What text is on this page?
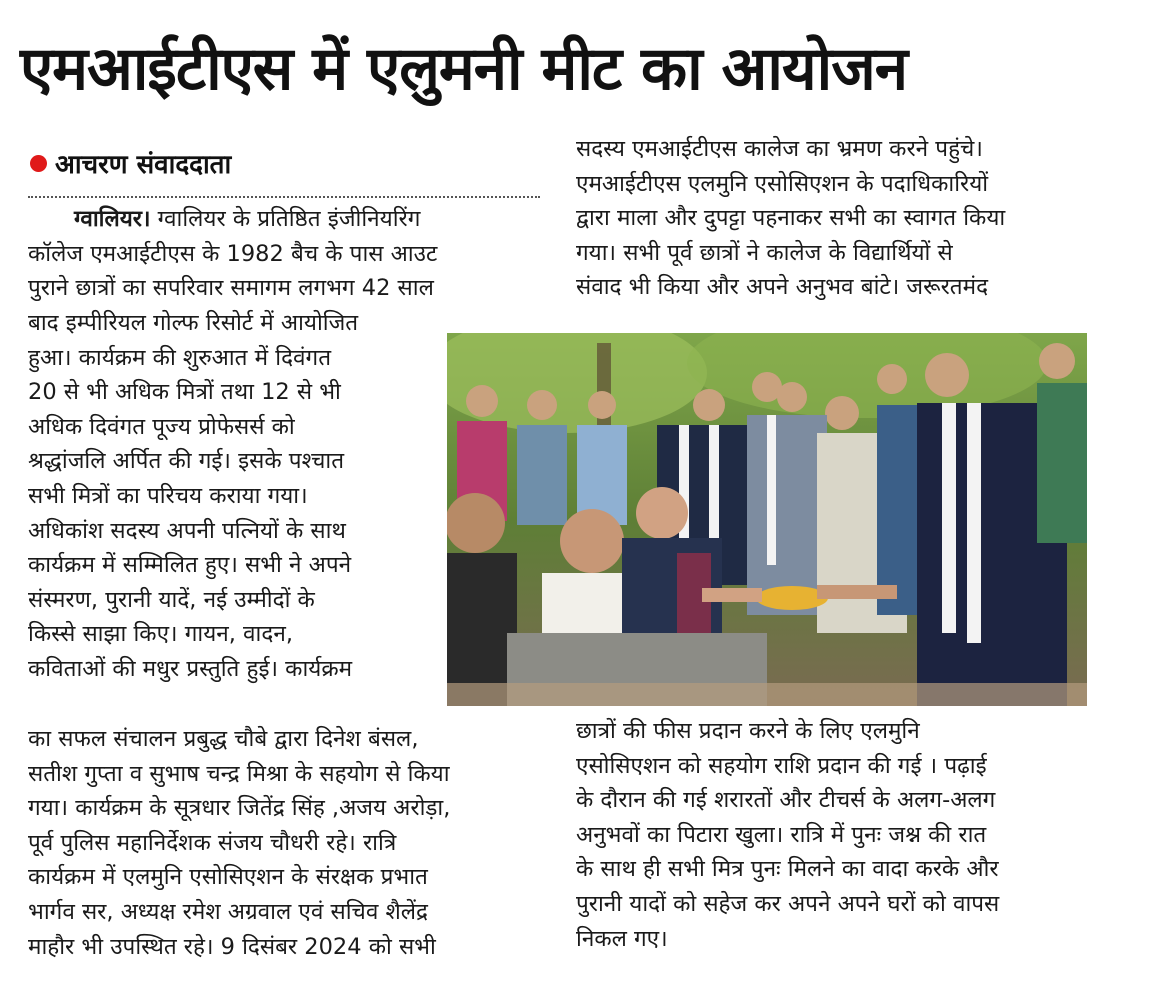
एमआईटीएस में एलुमनी मीट का आयोजन
आचरण संवाददाता

ग्वालियर। ग्वालियर के प्रतिष्ठित इंजीनियरिंग

कॉलेज एमआईटीएस के 1982 बैच के पास आउट

पुराने छात्रों का सपरिवार समागम लगभग 42 साल

बाद इम्पीरियल गोल्फ रिसोर्ट में आयोजित

हुआ। कार्यक्रम की शुरुआत में दिवंगत

20 से भी अधिक मित्रों तथा 12 से भी

अधिक दिवंगत पूज्य प्रोफेसर्स को

श्रद्धांजलि अर्पित की गई। इसके पश्चात

सभी मित्रों का परिचय कराया गया।

अधिकांश सदस्य अपनी पत्नियों के साथ

कार्यक्रम में सम्मिलित हुए। सभी ने अपने

संस्मरण, पुरानी यादें, नई उम्मीदों के

किस्से साझा किए। गायन, वादन,

कविताओं की मधुर प्रस्तुति हुई। कार्यक्रम

का सफल संचालन प्रबुद्ध चौबे द्वारा दिनेश बंसल,

सतीश गुप्ता व सुभाष चन्द्र मिश्रा के सहयोग से किया

गया। कार्यक्रम के सूत्रधार जितेंद्र सिंह ,अजय अरोड़ा,

पूर्व पुलिस महानिर्देशक संजय चौधरी रहे। रात्रि

कार्यक्रम में एलमुनि एसोसिएशन के संरक्षक प्रभात

भार्गव सर, अध्यक्ष रमेश अग्रवाल एवं सचिव शैलेंद्र

माहौर भी उपस्थित रहे। 9 दिसंबर 2024 को सभी

सदस्य एमआईटीएस कालेज का भ्रमण करने पहुंचे।

एमआईटीएस एलमुनि एसोसिएशन के पदाधिकारियों

द्वारा माला और दुपट्टा पहनाकर सभी का स्वागत किया

गया। सभी पूर्व छात्रों ने कालेज के विद्यार्थियों से

संवाद भी किया और अपने अनुभव बांटे। जरूरतमंद

छात्रों की फीस प्रदान करने के लिए एलमुनि

एसोसिएशन को सहयोग राशि प्रदान की गई । पढ़ाई

के दौरान की गई शरारतों और टीचर्स के अलग-अलग

अनुभवों का पिटारा खुला। रात्रि में पुनः जश्न की रात

के साथ ही सभी मित्र पुनः मिलने का वादा करके और

पुरानी यादों को सहेज कर अपने अपने घरों को वापस

निकल गए।
